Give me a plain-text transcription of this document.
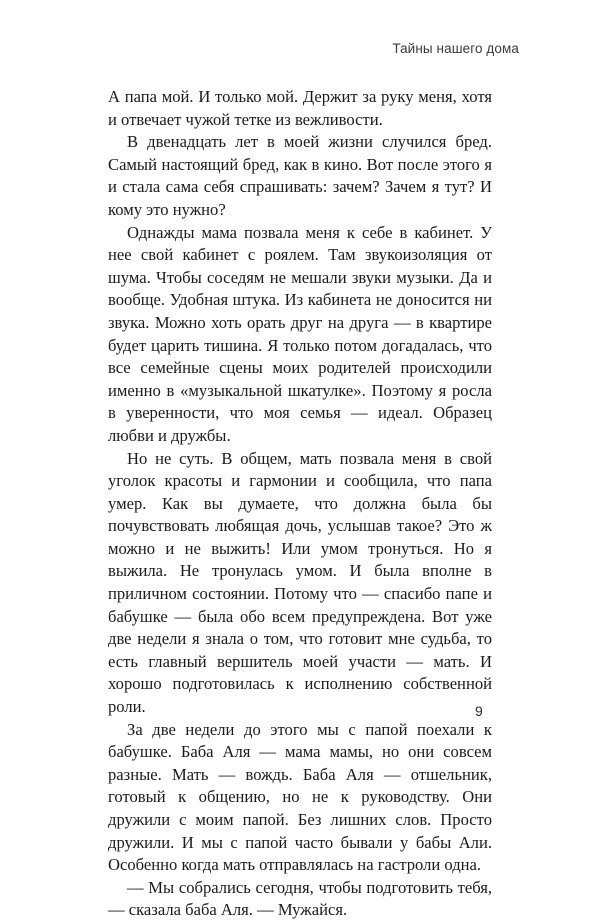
Тайны нашего дома

А папа мой. И только мой. Держит за руку меня, хотя и отвечает чужой тетке из вежливости.

В двенадцать лет в моей жизни случился бред. Самый настоящий бред, как в кино. Вот после этого я и стала сама себя спрашивать: зачем? Зачем я тут? И кому это нужно?

Однажды мама позвала меня к себе в кабинет. У нее свой кабинет с роялем. Там звукоизоляция от шума. Чтобы соседям не мешали звуки музыки. Да и вообще. Удобная штука. Из кабинета не доносится ни звука. Можно хоть орать друг на друга — в квартире будет царить тишина. Я только потом догадалась, что все семейные сцены моих родителей происходили именно в «музыкальной шкатулке». Поэтому я росла в уверенности, что моя семья — идеал. Образец любви и дружбы.

Но не суть. В общем, мать позвала меня в свой уголок красоты и гармонии и сообщила, что папа умер. Как вы думаете, что должна была бы почувствовать любящая дочь, услышав такое? Это ж можно и не выжить! Или умом тронуться. Но я выжила. Не тронулась умом. И была вполне в приличном состоянии. Потому что — спасибо папе и бабушке — была обо всем предупреждена. Вот уже две недели я знала о том, что готовит мне судьба, то есть главный вершитель моей участи — мать. И хорошо подготовилась к исполнению собственной роли.

За две недели до этого мы с папой поехали к бабушке. Баба Аля — мама мамы, но они совсем разные. Мать — вождь. Баба Аля — отшельник, готовый к общению, но не к руководству. Они дружили с моим папой. Без лишних слов. Просто дружили. И мы с папой часто бывали у бабы Али. Особенно когда мать отправлялась на гастроли одна.

— Мы собрались сегодня, чтобы подготовить тебя, — сказала баба Аля. — Мужайся.

9
